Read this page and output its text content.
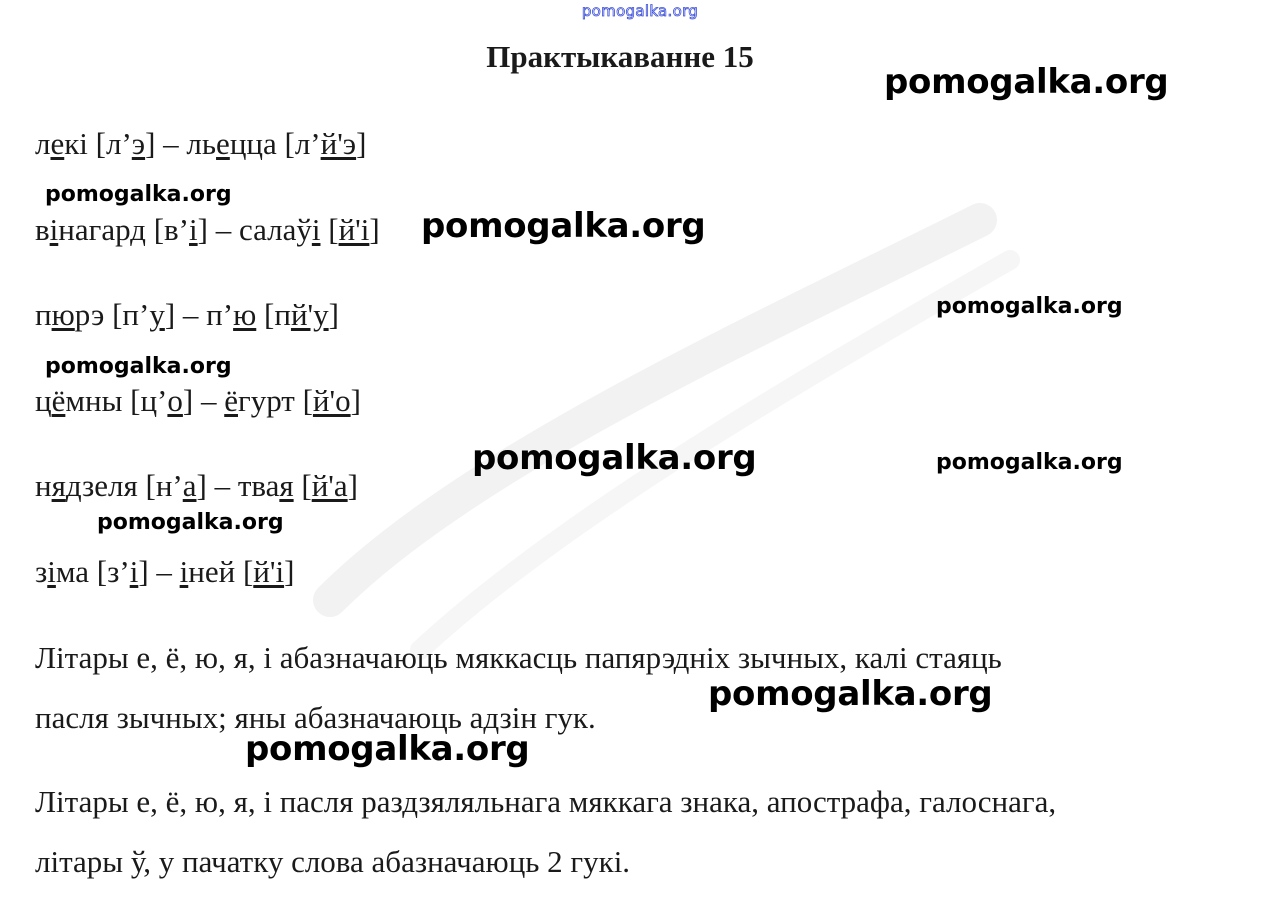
pomogalka.org
Практыкаванне 15
лекі [л’э] – льецца [л’й'э]
вінагард [в’і] – салаўі [й'і]
пюрэ [п’у] – п’ю [пй'у]
цёмны [ц’о] – ёгурт [й'о]
нядзеля [н’а] – твая [й'а]
зіма [з’і] – іней [й'і]
Літары е, ё, ю, я, і абазначаюць мяккасць папярэдніх зычных, калі стаяць
пасля зычных; яны абазначаюць адзін гук.
Літары е, ё, ю, я, і пасля раздзяляльнага мяккага знака, апострафа, галоснага,
літары ў, у пачатку слова абазначаюць 2 гукі.
pomogalka.org
pomogalka.org
pomogalka.org
pomogalka.org
pomogalka.org
pomogalka.org	pomogalka.org
pomogalka.org
pomogalka.org
pomogalka.org
